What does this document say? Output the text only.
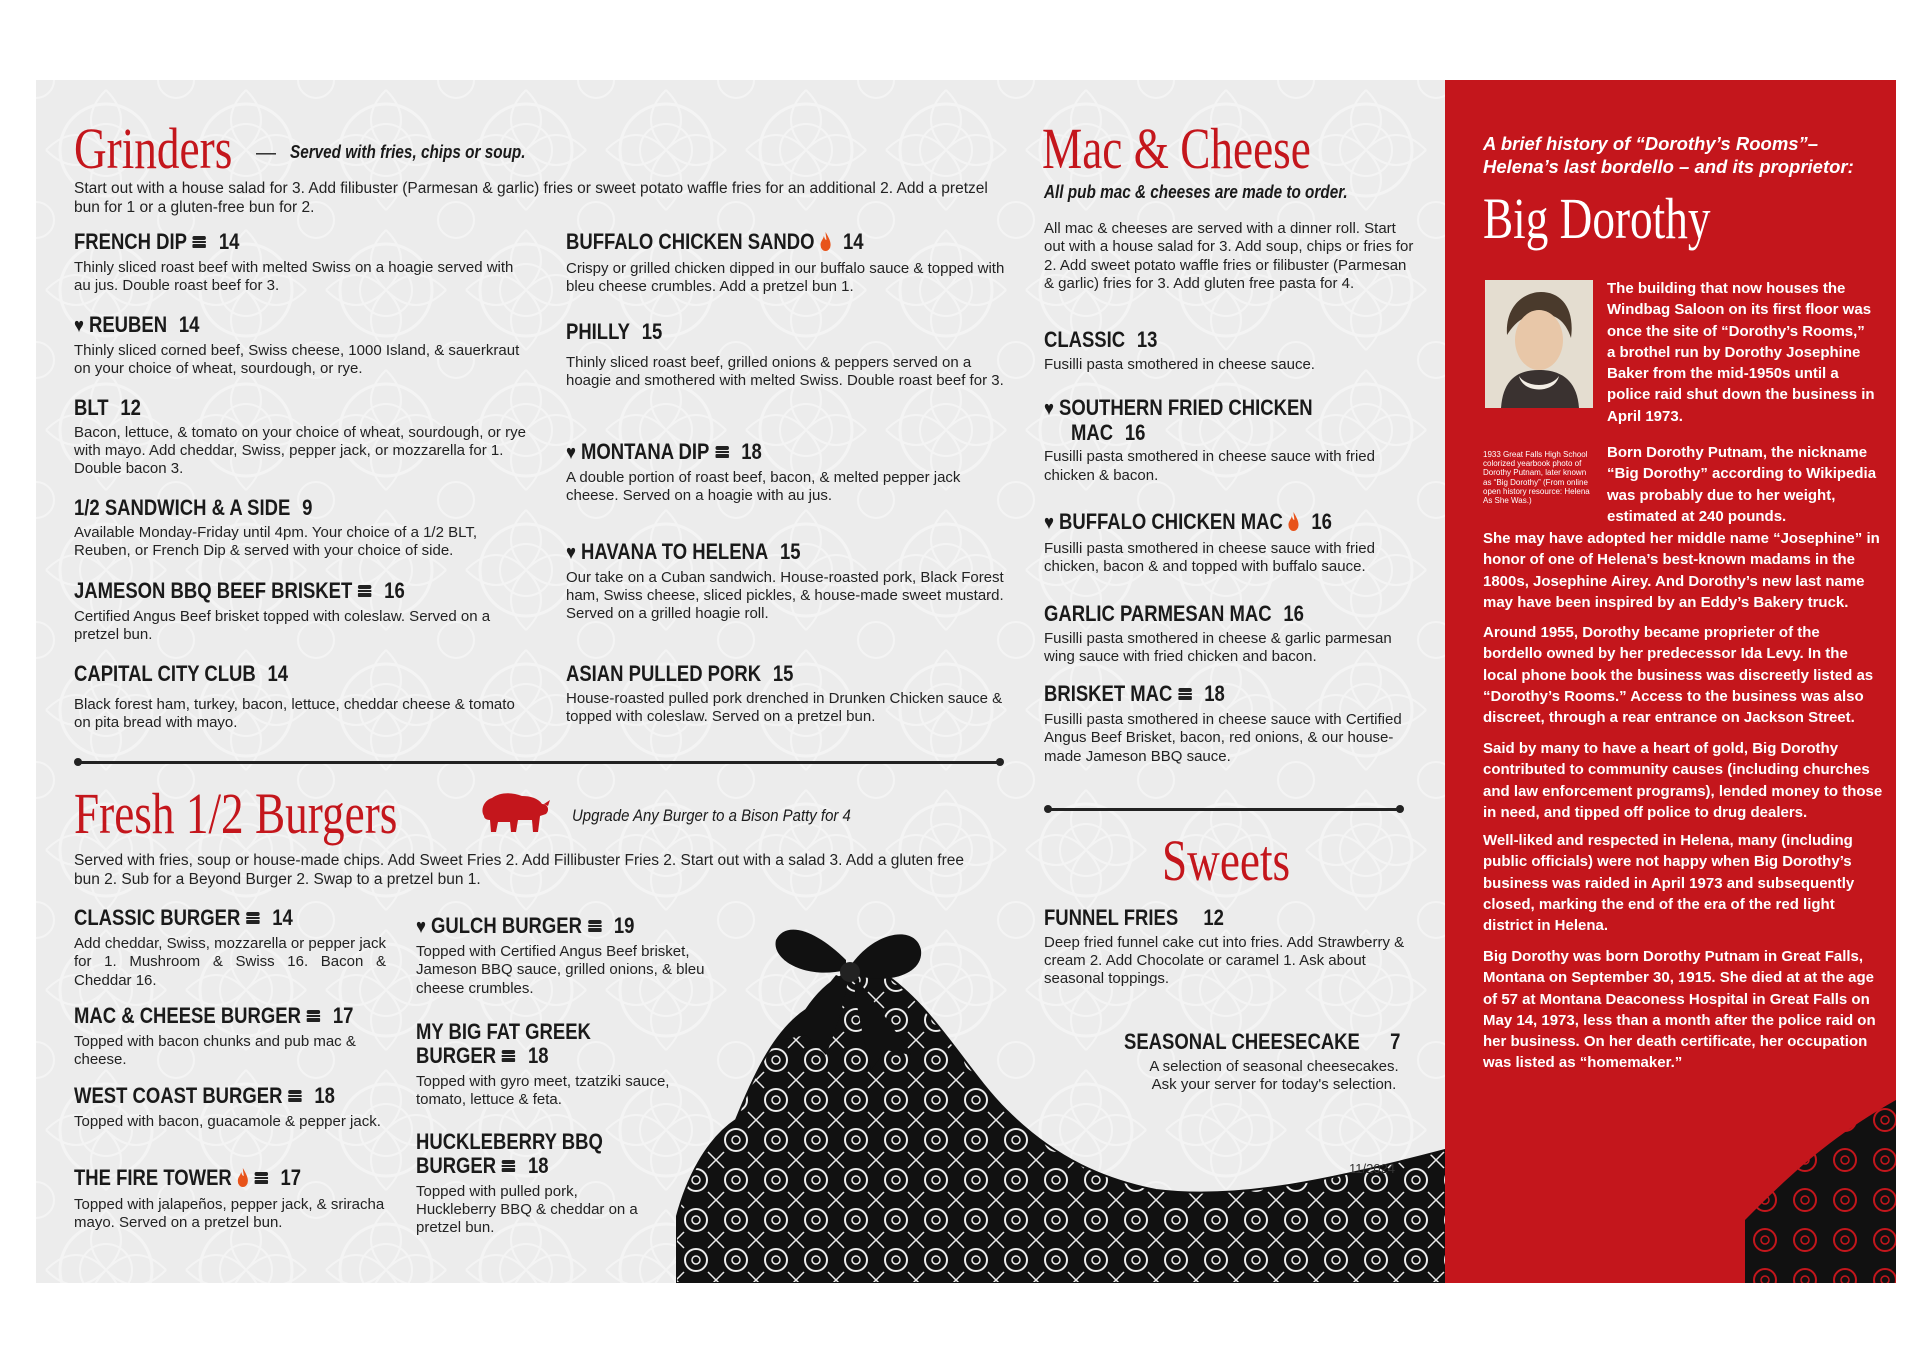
Grinders — Served with fries, chips or soup.
Start out with a house salad for 3. Add filibuster (Parmesan & garlic) fries or sweet potato waffle fries for an additional 2. Add a pretzel bun for 1 or a gluten-free bun for 2.
FRENCH DIP 14
Thinly sliced roast beef with melted Swiss on a hoagie served with au jus. Double roast beef for 3.
♥ REUBEN 14
Thinly sliced corned beef, Swiss cheese, 1000 Island, & sauerkraut on your choice of wheat, sourdough, or rye.
BLT 12
Bacon, lettuce, & tomato on your choice of wheat, sourdough, or rye with mayo. Add cheddar, Swiss, pepper jack, or mozzarella for 1. Double bacon 3.
1/2 SANDWICH & A SIDE 9
Available Monday-Friday until 4pm. Your choice of a 1/2 BLT, Reuben, or French Dip & served with your choice of side.
JAMESON BBQ BEEF BRISKET 16
Certified Angus Beef brisket topped with coleslaw. Served on a pretzel bun.
CAPITAL CITY CLUB 14
Black forest ham, turkey, bacon, lettuce, cheddar cheese & tomato on pita bread with mayo.
BUFFALO CHICKEN SANDO 14
Crispy or grilled chicken dipped in our buffalo sauce & topped with bleu cheese crumbles. Add a pretzel bun 1.
PHILLY 15
Thinly sliced roast beef, grilled onions & peppers served on a hoagie and smothered with melted Swiss. Double roast beef for 3.
♥ MONTANA DIP 18
A double portion of roast beef, bacon, & melted pepper jack cheese. Served on a hoagie with au jus.
♥ HAVANA TO HELENA 15
Our take on a Cuban sandwich. House-roasted pork, Black Forest ham, Swiss cheese, sliced pickles, & house-made sweet mustard. Served on a grilled hoagie roll.
ASIAN PULLED PORK 15
House-roasted pulled pork drenched in Drunken Chicken sauce & topped with coleslaw. Served on a pretzel bun.
Fresh 1/2 Burgers	Upgrade Any Burger to a Bison Patty for 4
Served with fries, soup or house-made chips. Add Sweet Fries 2. Add Fillibuster Fries 2. Start out with a salad 3. Add a gluten free bun 2. Sub for a Beyond Burger 2. Swap to a pretzel bun 1.
CLASSIC BURGER 14
Add cheddar, Swiss, mozzarella or pepper jack for 1. Mushroom & Swiss 16. Bacon & Cheddar 16.
MAC & CHEESE BURGER 17
Topped with bacon chunks and pub mac & cheese.
WEST COAST BURGER 18
Topped with bacon, guacamole & pepper jack.
THE FIRE TOWER 17
Topped with jalapeños, pepper jack, & sriracha mayo. Served on a pretzel bun.
♥ GULCH BURGER 19
Topped with Certified Angus Beef brisket, Jameson BBQ sauce, grilled onions, & bleu cheese crumbles.
MY BIG FAT GREEK
BURGER 18
Topped with gyro meet, tzatziki sauce, tomato, lettuce & feta.
HUCKLEBERRY BBQ
BURGER 18
Topped with pulled pork, Huckleberry BBQ & cheddar on a pretzel bun.
Mac & Cheese
All pub mac & cheeses are made to order.
All mac & cheeses are served with a dinner roll. Start out with a house salad for 3. Add soup, chips or fries for 2. Add sweet potato waffle fries or filibuster (Parmesan & garlic) fries for 3. Add gluten free pasta for 4.
CLASSIC 13
Fusilli pasta smothered in cheese sauce.
♥ SOUTHERN FRIED CHICKEN
MAC 16
Fusilli pasta smothered in cheese sauce with fried chicken & bacon.
♥ BUFFALO CHICKEN MAC 16
Fusilli pasta smothered in cheese sauce with fried chicken, bacon & and topped with buffalo sauce.
GARLIC PARMESAN MAC 16
Fusilli pasta smothered in cheese & garlic parmesan wing sauce with fried chicken and bacon.
BRISKET MAC 18
Fusilli pasta smothered in cheese sauce with Certified Angus Beef Brisket, bacon, red onions, & our house-made Jameson BBQ sauce.
Sweets
FUNNEL FRIES 12
Deep fried funnel cake cut into fries. Add Strawberry & cream 2. Add Chocolate or caramel 1. Ask about seasonal toppings.
SEASONAL CHEESECAKE 7
A selection of seasonal cheesecakes. Ask your server for today's selection.
11/2024
A brief history of “Dorothy’s Rooms”– Helena’s last bordello – and its proprietor:
Big Dorothy
1933 Great Falls High School colorized yearbook photo of Dorothy Putnam, later known as “Big Dorothy” (From online open history resource: Helena As She Was.)
The building that now houses the Windbag Saloon on its first floor was once the site of “Dorothy’s Rooms,” a brothel run by Dorothy Josephine Baker from the mid-1950s until a police raid shut down the business in April 1973.
Born Dorothy Putnam, the nickname “Big Dorothy” according to Wikipedia was probably due to her weight, estimated at 240 pounds.
She may have adopted her middle name “Josephine” in honor of one of Helena’s best-known madams in the 1800s, Josephine Airey. And Dorothy’s new last name may have been inspired by an Eddy’s Bakery truck.
Around 1955, Dorothy became proprieter of the bordello owned by her predecessor Ida Levy. In the local phone book the business was discreetly listed as “Dorothy’s Rooms.” Access to the business was also discreet, through a rear entrance on Jackson Street.
Said by many to have a heart of gold, Big Dorothy contributed to community causes (including churches and law enforcement programs), lended money to those in need, and tipped off police to drug dealers.
Well-liked and respected in Helena, many (including public officials) were not happy when Big Dorothy’s business was raided in April 1973 and subsequently closed, marking the end of the era of the red light district in Helena.
Big Dorothy was born Dorothy Putnam in Great Falls, Montana on September 30, 1915. She died at at the age of 57 at Montana Deaconess Hospital in Great Falls on May 14, 1973, less than a month after the police raid on her business. On her death certificate, her occupation was listed as “homemaker.”
